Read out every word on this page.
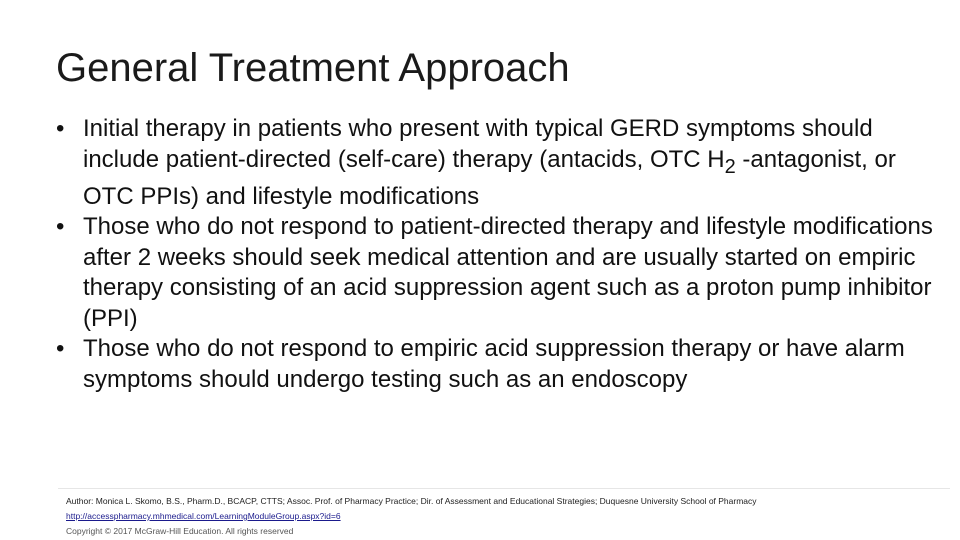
General Treatment Approach
• Initial therapy in patients who present with typical GERD symptoms should include patient-directed (self-care) therapy (antacids, OTC $H_2$ -antagonist, or OTC PPIs) and lifestyle modifications
• Those who do not respond to patient-directed therapy and lifestyle modifications after 2 weeks should seek medical attention and are usually started on empiric therapy consisting of an acid suppression agent such as a proton pump inhibitor (PPI)
• Those who do not respond to empiric acid suppression therapy or have alarm symptoms should undergo testing such as an endoscopy
Author: Monica L. Skomo, B.S., Pharm.D., BCACP, CTTS; Assoc. Prof. of Pharmacy Practice; Dir. of Assessment and Educational Strategies; Duquesne University School of Pharmacy
http://accesspharmacy.mhmedical.com/LearningModuleGroup.aspx?id=6
Copyright © 2017 McGraw-Hill Education. All rights reserved
